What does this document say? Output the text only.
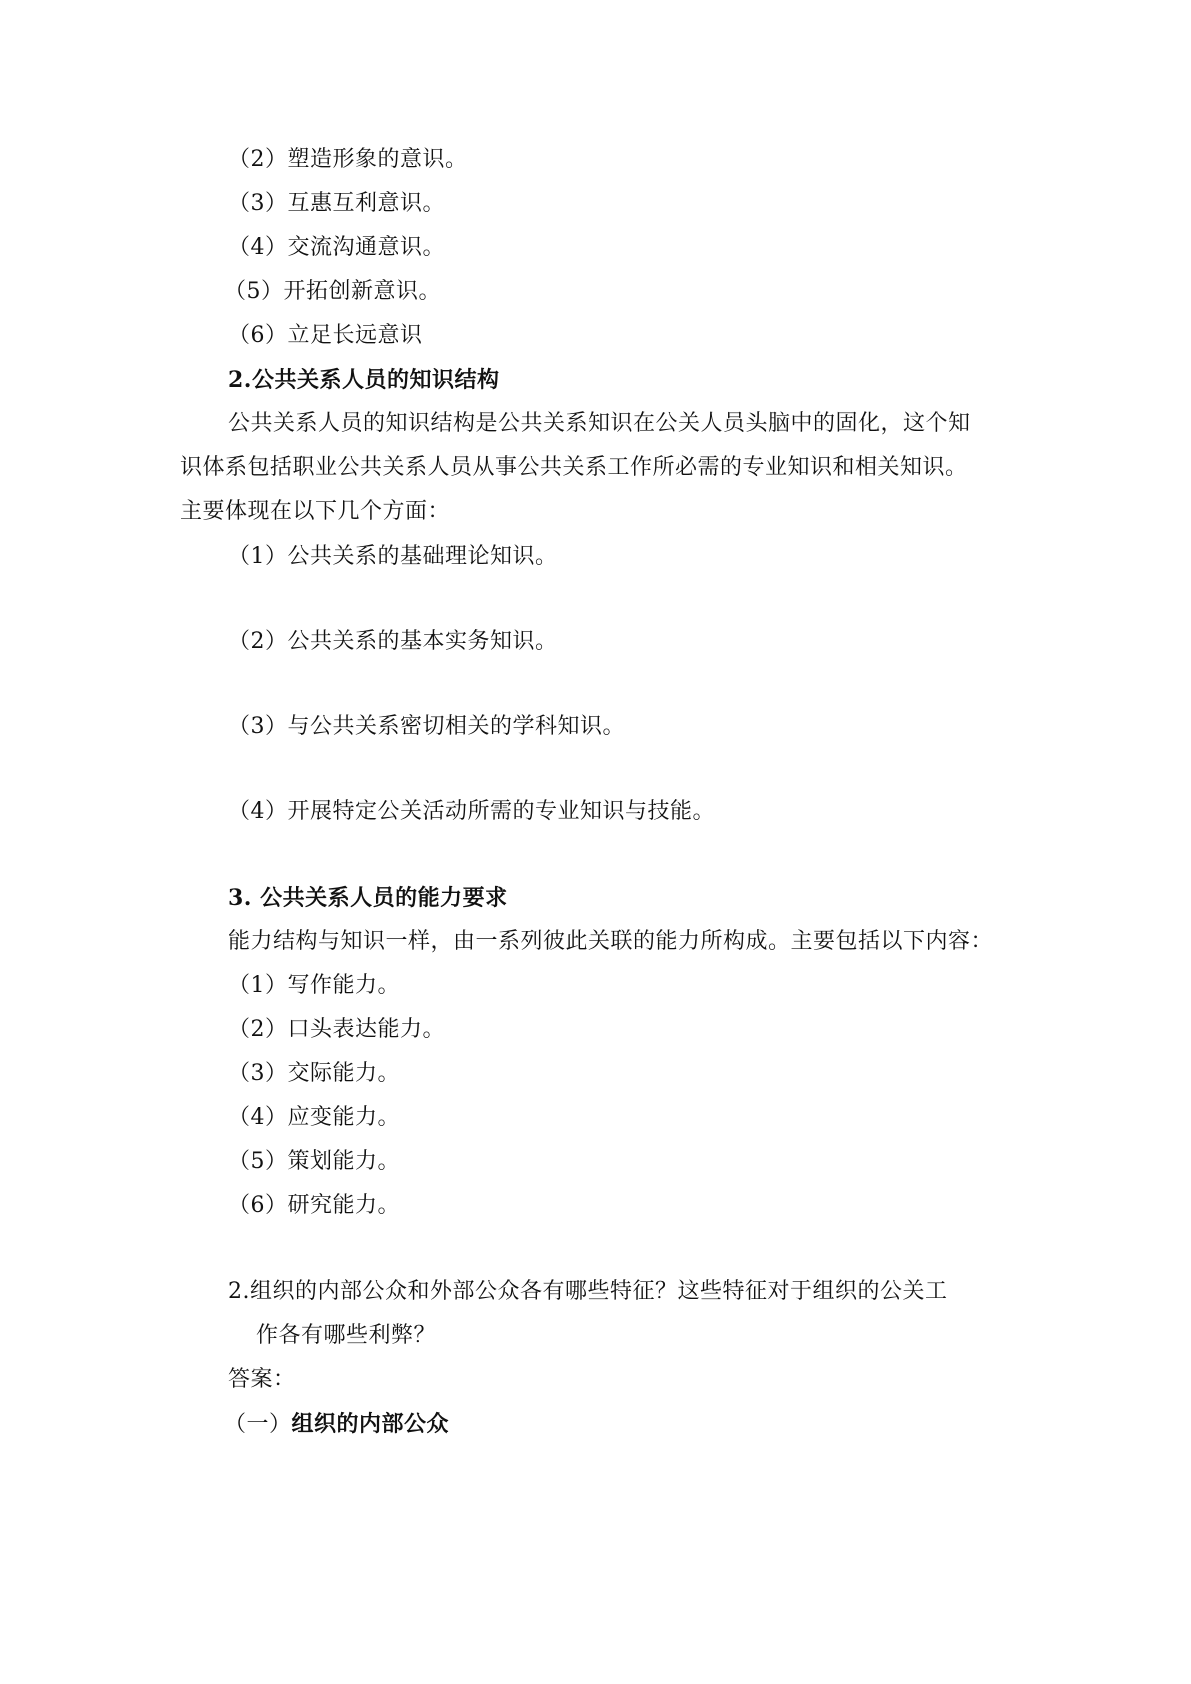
（2）塑造形象的意识。
（3）互惠互利意识。
（4）交流沟通意识。
（5）开拓创新意识。
（6）立足长远意识
2.公共关系人员的知识结构
公共关系人员的知识结构是公共关系知识在公关人员头脑中的固化，这个知
识体系包括职业公共关系人员从事公共关系工作所必需的专业知识和相关知识。
主要体现在以下几个方面：
（1）公共关系的基础理论知识。
（2）公共关系的基本实务知识。
（3）与公共关系密切相关的学科知识。
（4）开展特定公关活动所需的专业知识与技能。
3. 公共关系人员的能力要求
能力结构与知识一样，由一系列彼此关联的能力所构成。主要包括以下内容：
（1）写作能力。
（2）口头表达能力。
（3）交际能力。
（4）应变能力。
（5）策划能力。
（6）研究能力。
2.组织的内部公众和外部公众各有哪些特征？这些特征对于组织的公关工
作各有哪些利弊？
答案：
（一）组织的内部公众
